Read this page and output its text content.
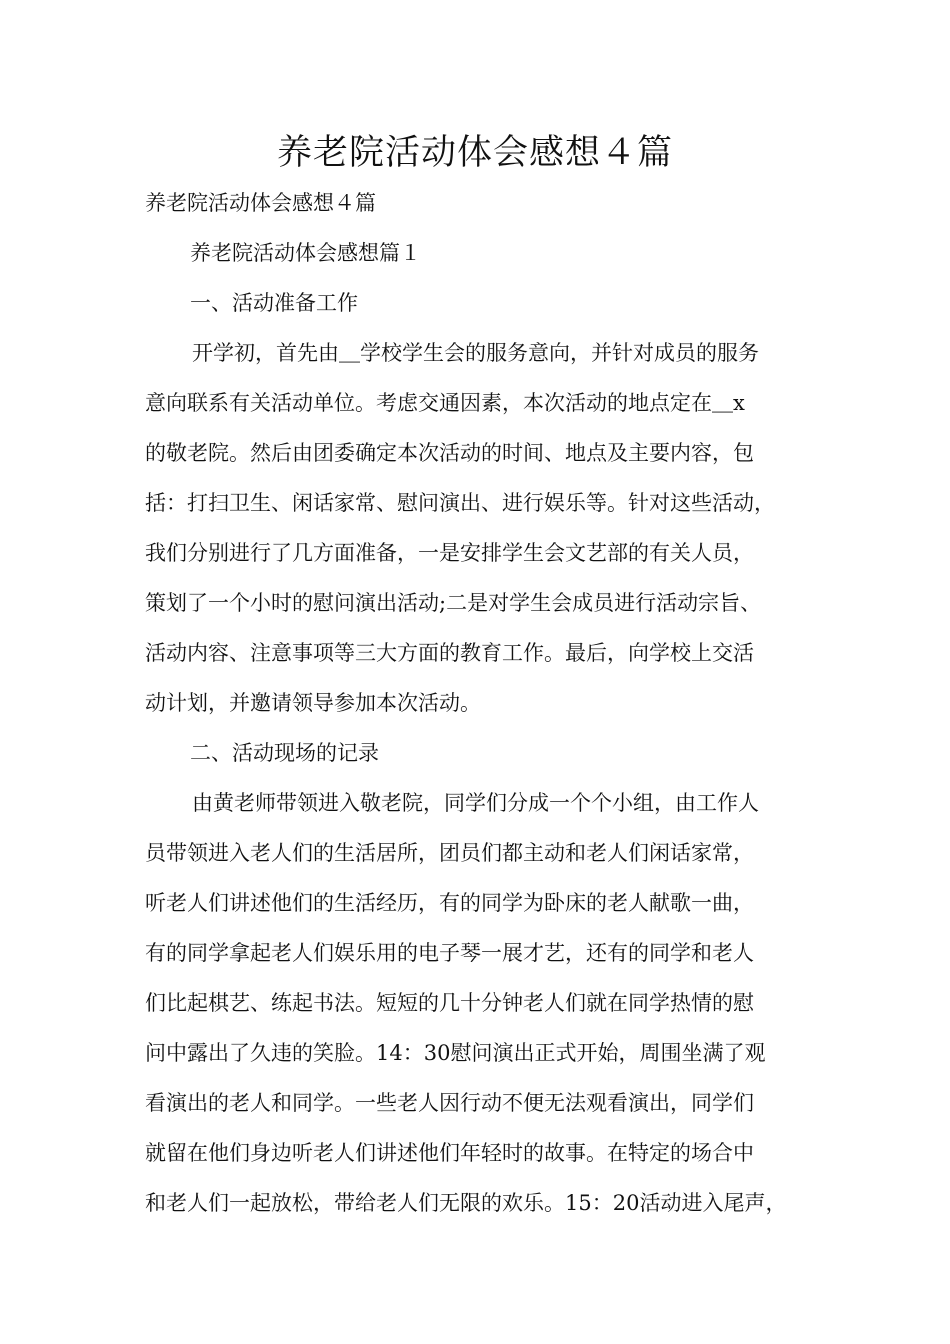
养老院活动体会感想４篇
养老院活动体会感想４篇
养老院活动体会感想篇１
一、活动准备工作
开学初，首先由＿学校学生会的服务意向，并针对成员的服务
意向联系有关活动单位。考虑交通因素，本次活动的地点定在＿x
的敬老院。然后由团委确定本次活动的时间、地点及主要内容，包
括：打扫卫生、闲话家常、慰问演出、进行娱乐等。针对这些活动，
我们分别进行了几方面准备，一是安排学生会文艺部的有关人员，
策划了一个小时的慰问演出活动;二是对学生会成员进行活动宗旨、
活动内容、注意事项等三大方面的教育工作。最后，向学校上交活
动计划，并邀请领导参加本次活动。
二、活动现场的记录
由黄老师带领进入敬老院，同学们分成一个个小组，由工作人
员带领进入老人们的生活居所，团员们都主动和老人们闲话家常，
听老人们讲述他们的生活经历，有的同学为卧床的老人献歌一曲，
有的同学拿起老人们娱乐用的电子琴一展才艺，还有的同学和老人
们比起棋艺、练起书法。短短的几十分钟老人们就在同学热情的慰
问中露出了久违的笑脸。14：30慰问演出正式开始，周围坐满了观
看演出的老人和同学。一些老人因行动不便无法观看演出，同学们
就留在他们身边听老人们讲述他们年轻时的故事。在特定的场合中
和老人们一起放松，带给老人们无限的欢乐。15：20活动进入尾声，
